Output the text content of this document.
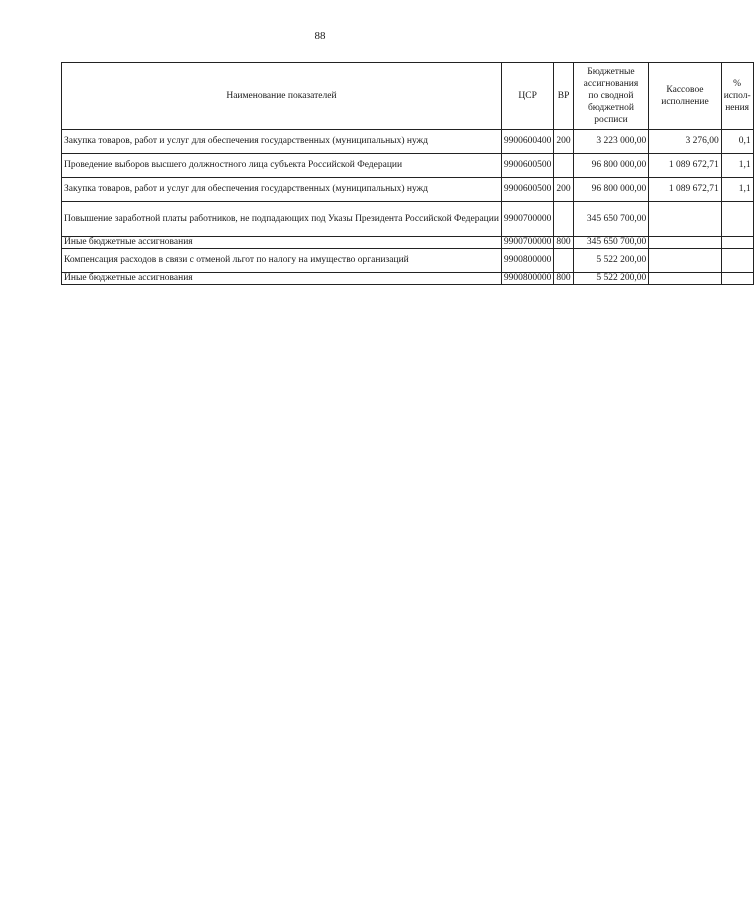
88
Наименование показателей	ЦСР	ВР	Бюджетные ассигнования по сводной бюджетной росписи	Кассовое исполнение	% испол-нения
Закупка товаров, работ и услуг для обеспечения государственных (муниципальных) нужд	9900600400	200	3 223 000,00	3 276,00	0,1
Проведение выборов высшего должностного лица субъекта Российской Федерации	9900600500		96 800 000,00	1 089 672,71	1,1
Закупка товаров, работ и услуг для обеспечения государственных (муниципальных) нужд	9900600500	200	96 800 000,00	1 089 672,71	1,1
Повышение заработной платы работников, не подпадающих под Указы Президента Российской Федерации	9900700000		345 650 700,00		
Иные бюджетные ассигнования	9900700000	800	345 650 700,00		
Компенсация расходов в связи с отменой льгот по налогу на имущество организаций	9900800000		5 522 200,00		
Иные бюджетные ассигнования	9900800000	800	5 522 200,00		
